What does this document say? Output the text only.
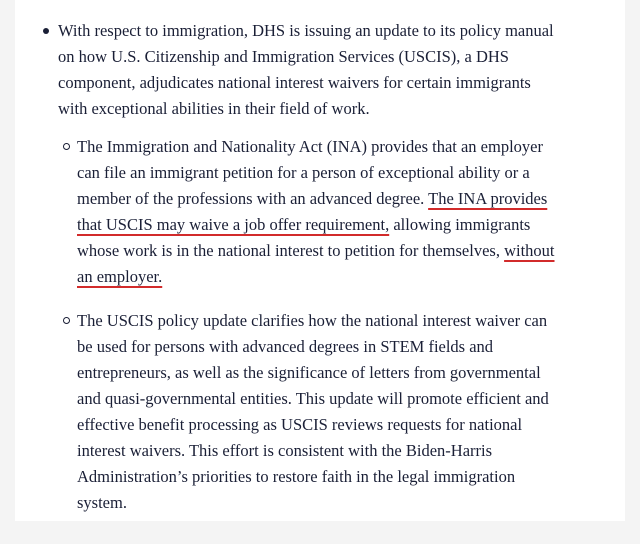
With respect to immigration, DHS is issuing an update to its policy manual
on how U.S. Citizenship and Immigration Services (USCIS), a DHS
component, adjudicates national interest waivers for certain immigrants
with exceptional abilities in their field of work.
The Immigration and Nationality Act (INA) provides that an employer
can file an immigrant petition for a person of exceptional ability or a
member of the professions with an advanced degree. The INA provides
that USCIS may waive a job offer requirement, allowing immigrants
whose work is in the national interest to petition for themselves, without
an employer.
The USCIS policy update clarifies how the national interest waiver can
be used for persons with advanced degrees in STEM fields and
entrepreneurs, as well as the significance of letters from governmental
and quasi-governmental entities. This update will promote efficient and
effective benefit processing as USCIS reviews requests for national
interest waivers. This effort is consistent with the Biden-Harris
Administration’s priorities to restore faith in the legal immigration
system.
